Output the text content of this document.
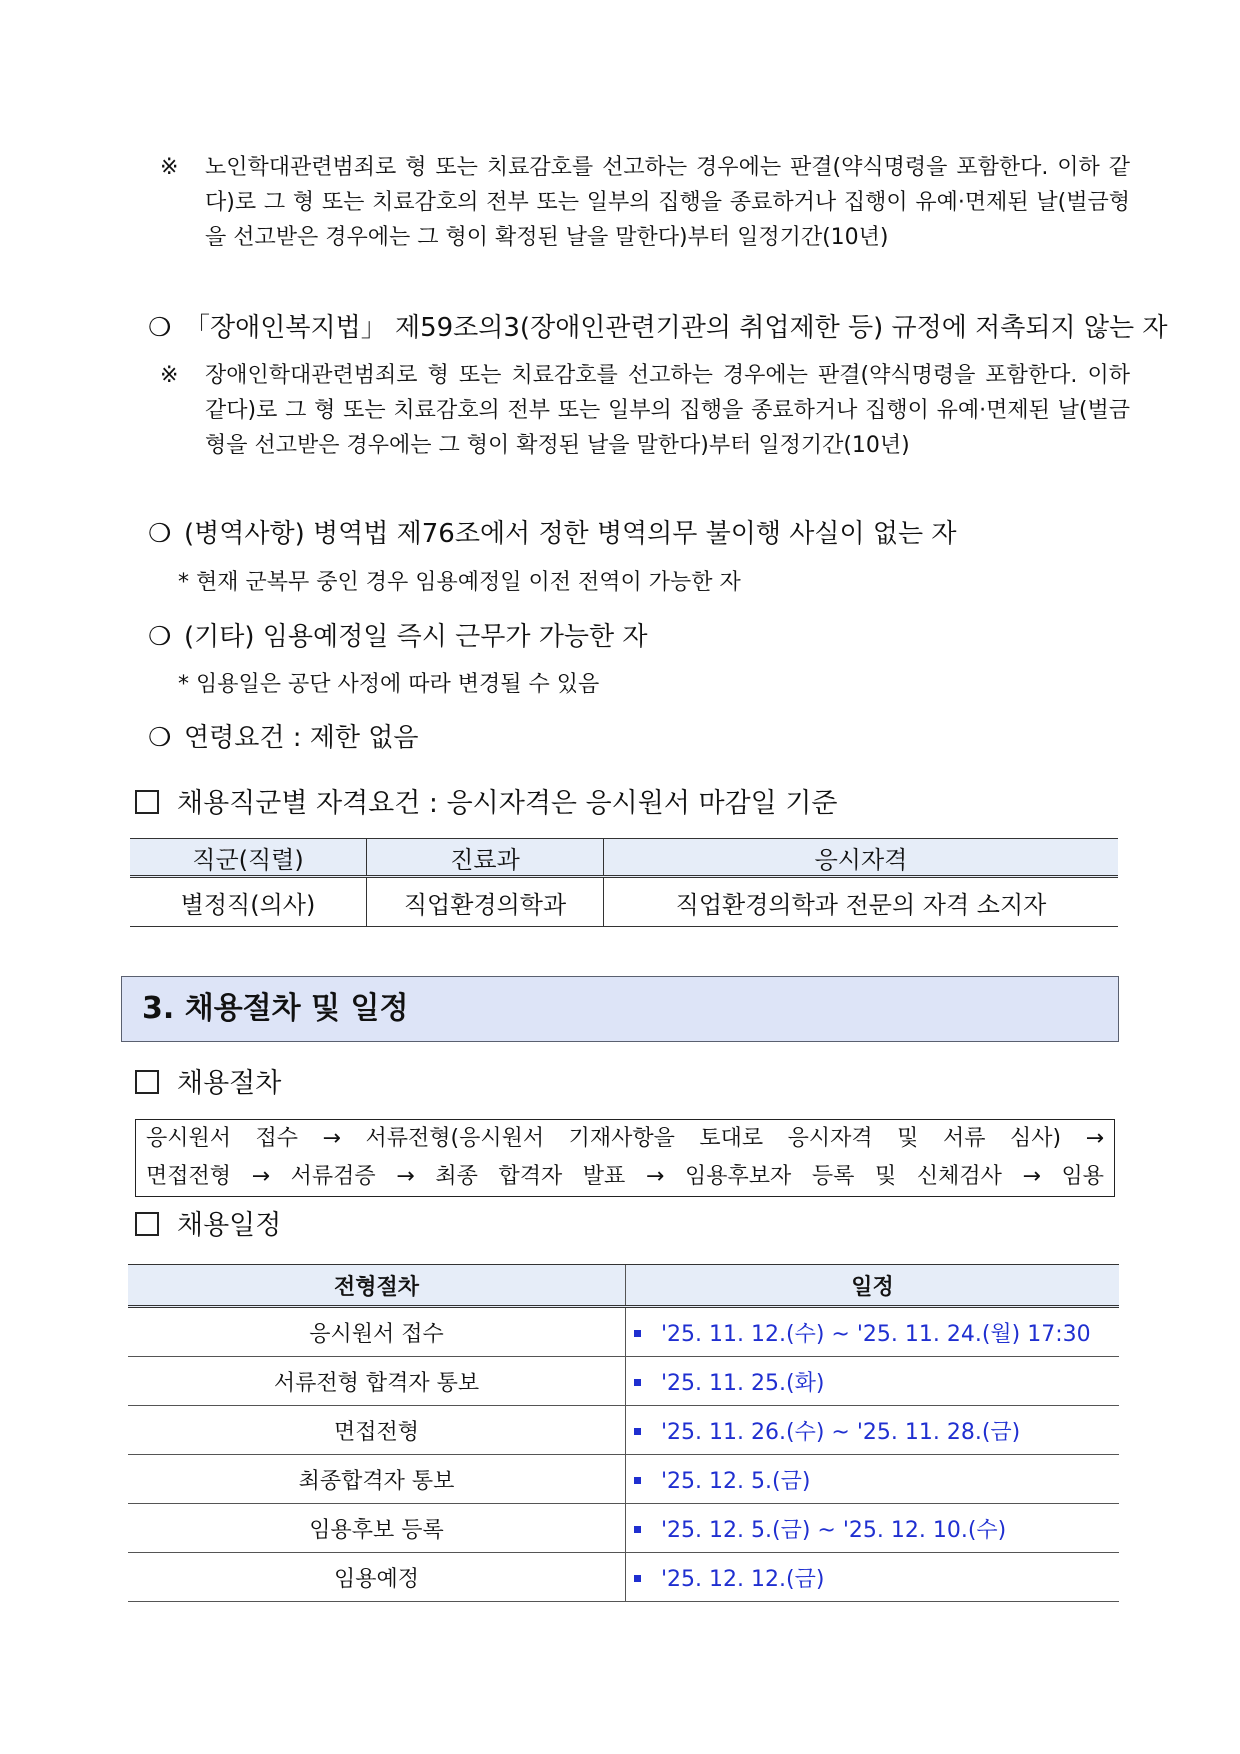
※ 노인학대관련범죄로 형 또는 치료감호를 선고하는 경우에는 판결(약식명령을 포함한다. 이하 같다)로 그 형 또는 치료감호의 전부 또는 일부의 집행을 종료하거나 집행이 유예·면제된 날(벌금형을 선고받은 경우에는 그 형이 확정된 날을 말한다)부터 일정기간(10년)
❍ 「장애인복지법」 제59조의3(장애인관련기관의 취업제한 등) 규정에 저촉되지 않는 자
※ 장애인학대관련범죄로 형 또는 치료감호를 선고하는 경우에는 판결(약식명령을 포함한다. 이하 같다)로 그 형 또는 치료감호의 전부 또는 일부의 집행을 종료하거나 집행이 유예·면제된 날(벌금형을 선고받은 경우에는 그 형이 확정된 날을 말한다)부터 일정기간(10년)
❍ (병역사항) 병역법 제76조에서 정한 병역의무 불이행 사실이 없는 자
* 현재 군복무 중인 경우 임용예정일 이전 전역이 가능한 자
❍ (기타) 임용예정일 즉시 근무가 가능한 자
* 임용일은 공단 사정에 따라 변경될 수 있음
❍ 연령요건 : 제한 없음
채용직군별 자격요건 : 응시자격은 응시원서 마감일 기준
직군(직렬)	진료과	응시자격
별정직(의사)	직업환경의학과	직업환경의학과 전문의 자격 소지자
3. 채용절차 및 일정
채용절차
응시원서 접수 → 서류전형(응시원서 기재사항을 토대로 응시자격 및 서류 심사) →
면접전형 → 서류검증 → 최종 합격자 발표 → 임용후보자 등록 및 신체검사 → 임용
채용일정
전형절차	일정
응시원서 접수	'25. 11. 12.(수) ~ '25. 11. 24.(월) 17:30
서류전형 합격자 통보	'25. 11. 25.(화)
면접전형	'25. 11. 26.(수) ~ '25. 11. 28.(금)
최종합격자 통보	'25. 12. 5.(금)
임용후보 등록	'25. 12. 5.(금) ~ '25. 12. 10.(수)
임용예정	'25. 12. 12.(금)
